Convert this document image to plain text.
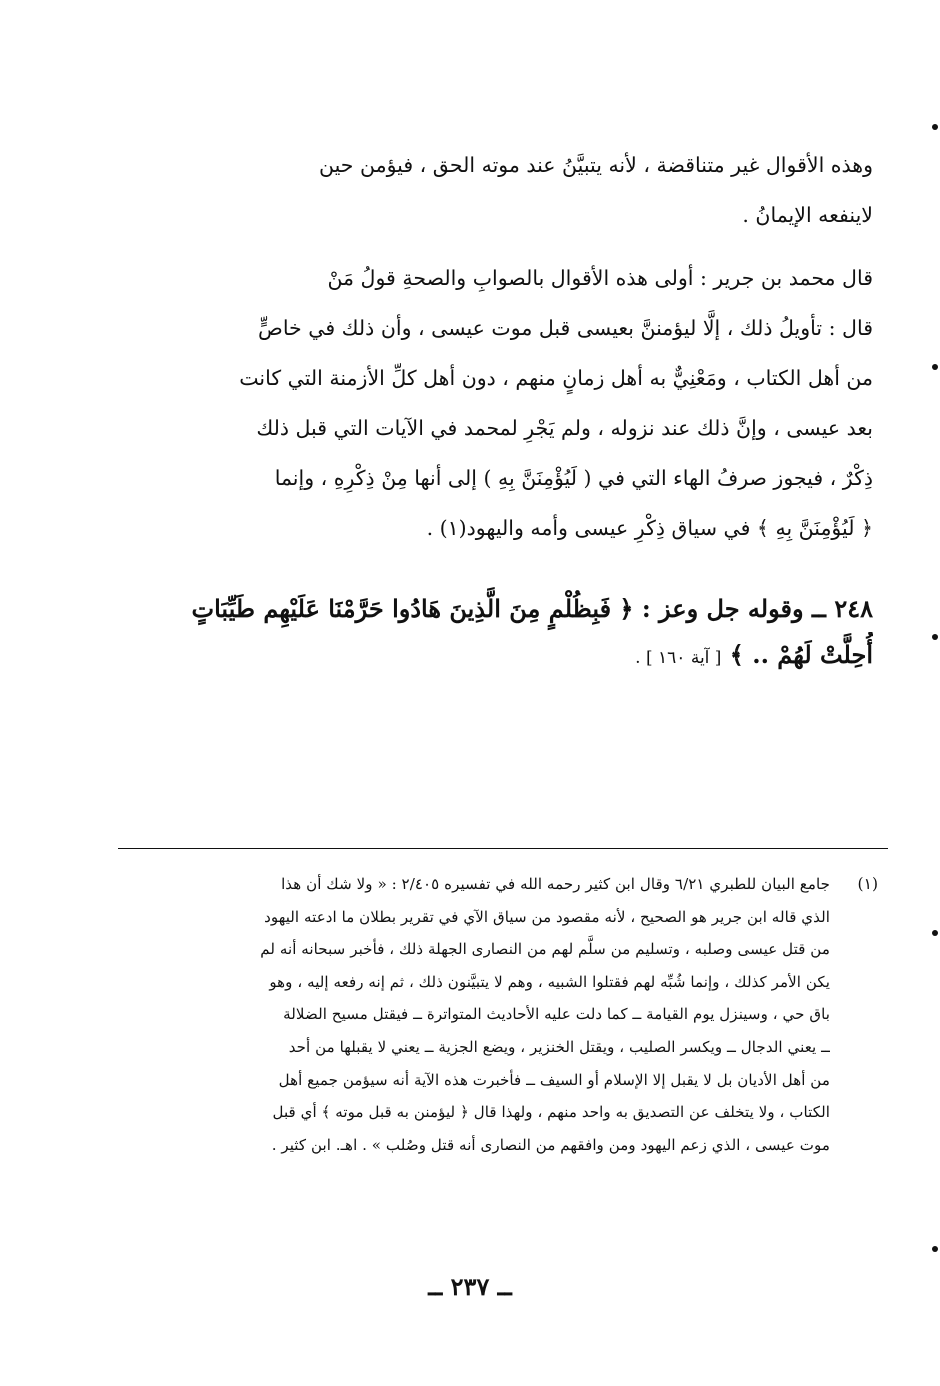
وهذه الأقوال غير متناقضة ، لأنه يتبيَّنُ عند موته الحق ، فيؤمن حين
لاينفعه الإيمانُ .
قال محمد بن جرير : أولى هذه الأقوال بالصوابِ والصحةِ قولُ مَنْ
قال : تأويلُ ذلك ، إلَّا ليؤمننَّ بعيسى قبل موت عيسى ، وأن ذلك في خاصٍّ
من أهل الكتاب ، ومَعْنِيٌّ به أهل زمانٍ منهم ، دون أهل كلِّ الأزمنة التي كانت
بعد عيسى ، وإنَّ ذلك عند نزوله ، ولم يَجْرِ لمحمد في الآيات التي قبل ذلك
ذِكْرٌ ، فيجوز صرفُ الهاء التي في ( لَيُؤْمِنَنَّ بِهِ ) إلى أنها مِنْ ذِكْرِهِ ، وإنما
﴿ لَيُؤْمِنَنَّ بِهِ ﴾ في سياق ذِكْرِ عيسى وأمه واليهود(١) .
٢٤٨ ــ وقوله جل وعز : ﴿ فَبِظُلْمٍ مِنَ الَّذِينَ هَادُوا حَرَّمْنَا عَلَيْهِم طَيِّبَاتٍ
أُحِلَّتْ لَهُمْ .. ﴾ [ آية ١٦٠ ] .
(١)
جامع البيان للطبري ٦/٢١ وقال ابن كثير رحمه الله في تفسيره ٢/٤٠٥ : « ولا شك أن هذا
الذي قاله ابن جرير هو الصحيح ، لأنه مقصود من سياق الآي في تقرير بطلان ما ادعته اليهود
من قتل عيسى وصلبه ، وتسليم من سلَّم لهم من النصارى الجهلة ذلك ، فأخبر سبحانه أنه لم
يكن الأمر كذلك ، وإنما شُبِّه لهم فقتلوا الشبيه ، وهم لا يتبيَّنون ذلك ، ثم إنه رفعه إليه ، وهو
باق حي ، وسينزل يوم القيامة ــ كما دلت عليه الأحاديث المتواترة ــ فيقتل مسيح الضلالة
ــ يعني الدجال ــ ويكسر الصليب ، ويقتل الخنزير ، ويضع الجزية ــ يعني لا يقبلها من أحد
من أهل الأديان بل لا يقبل إلا الإسلام أو السيف ــ فأخبرت هذه الآية أنه سيؤمن جميع أهل
الكتاب ، ولا يتخلف عن التصديق به واحد منهم ، ولهذا قال ﴿ ليؤمنن به قبل موته ﴾ أي قبل
موت عيسى ، الذي زعم اليهود ومن وافقهم من النصارى أنه قتل وصُلب » . اهـ. ابن كثير .
ــ ٢٣٧ ــ
